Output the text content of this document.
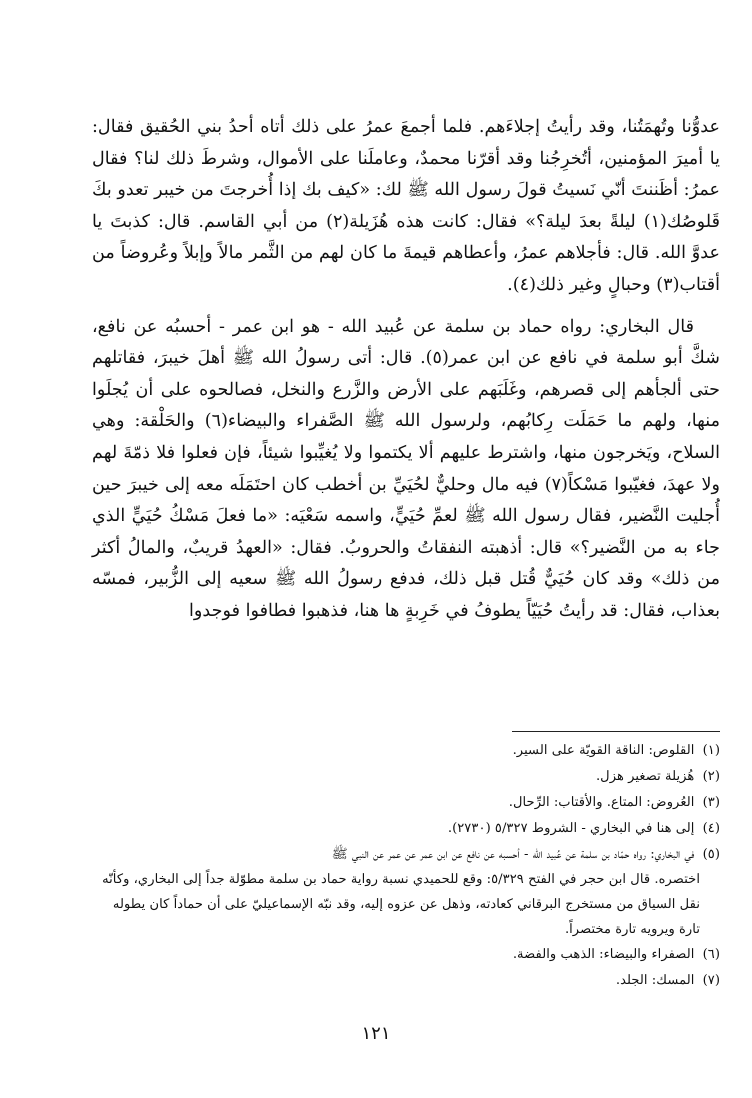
عدوُّنا وتُهمَتُنا، وقد رأيتُ إجلاءَهم. فلما أجمعَ عمرُ على ذلك أتاه أحدُ بني الحُقيق فقال: يا أميرَ المؤمنين، أتُخرِجُنا وقد أقرّنا محمدٌ، وعاملَنا على الأموال، وشرطَ ذلك لنا؟ فقال عمرُ: أظَننتَ أنّي نَسيتُ قولَ رسول الله ﷺ لك: «كيف بك إذا أُخرجتَ من خيبر تعدو بكَ قَلوصُك(١) ليلةً بعدَ ليلة؟» فقال: كانت هذه هُزَيلة(٢) من أبي القاسم. قال: كذبتَ يا عدوَّ الله. قال: فأجلاهم عمرُ، وأعطاهم قيمةَ ما كان لهم من الثَّمر مالاً وإبلاً وعُروضاً من أقتاب(٣) وحبالٍ وغير ذلك(٤).

قال البخاري: رواه حماد بن سلمة عن عُبيد الله - هو ابن عمر - أحسبُه عن نافع، شكَّ أبو سلمة في نافع عن ابن عمر(٥). قال: أتى رسولُ الله ﷺ أهلَ خيبرَ، فقاتلهم حتى ألجأهم إلى قصرهم، وغَلَبَهم على الأرض والزَّرع والنخل، فصالحوه على أن يُجلَوا منها، ولهم ما حَمَلَت رِكابُهم، ولرسول الله ﷺ الصَّفراء والبيضاء(٦) والحَلْقة: وهي السلاح، ويَخرجون منها، واشترط عليهم ألا يكتموا ولا يُغيِّبوا شيئاً، فإن فعلوا فلا ذمّةَ لهم ولا عهدَ، فغيّبوا مَسْكاً(٧) فيه مال وحليٌّ لحُيَيِّ بن أخطب كان احتَمَلَه معه إلى خيبرَ حين أُجليت النَّضير، فقال رسول الله ﷺ لعمِّ حُيَيٍّ، واسمه سَعْيَه: «ما فعلَ مَسْكُ حُيَيٍّ الذي جاء به من النَّضير؟» قال: أذهبته النفقاتُ والحروبُ. فقال: «العهدُ قريبٌ، والمالُ أكثر من ذلك» وقد كان حُيَيٌّ قُتل قبل ذلك، فدفع رسولُ الله ﷺ سعيه إلى الزُّبير، فمسّه بعذاب، فقال: قد رأيتُ حُيَيّاً يطوفُ في خَرِبةٍ ها هنا، فذهبوا فطافوا فوجدوا

(١) القلوص: الناقة القويّة على السير.

(٢) هُزيلة تصغير هزل.

(٣) العُروض: المتاع. والأقتاب: الرِّحال.

(٤) إلى هنا في البخاري - الشروط ٥/٣٢٧ (٢٧٣٠).

(٥) في البخاري: رواه حمّاد بن سلمة عن عُبيد الله - أحسبه عن نافع عن ابن عمر عن عمر عن النبي ﷺ
اختصره. قال ابن حجر في الفتح ٥/٣٢٩: وقع للحميدي نسبة رواية حماد بن سلمة مطوّلة جداً إلى البخاري، وكأنّه نقل السياق من مستخرج البرقاني كعادته، وذهل عن عزوه إليه، وقد نبّه الإسماعيليّ على أن حماداً كان يطوله تارة ويرويه تارة مختصراً.

(٦) الصفراء والبيضاء: الذهب والفضة.

(٧) المسك: الجلد.

١٢١
